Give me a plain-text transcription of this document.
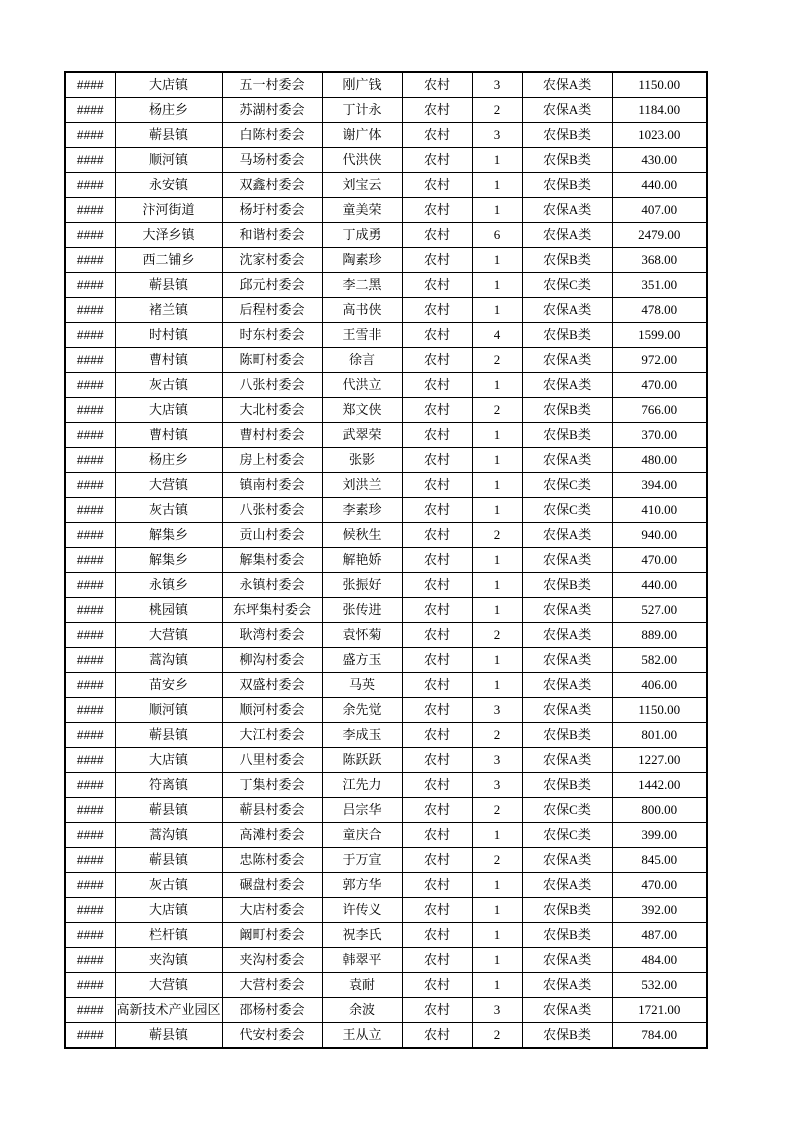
####	大店镇	五一村委会	刚广钱	农村	3	农保A类	1150.00
####	杨庄乡	苏湖村委会	丁计永	农村	2	农保A类	1184.00
####	蕲县镇	白陈村委会	谢广体	农村	3	农保B类	1023.00
####	顺河镇	马场村委会	代洪侠	农村	1	农保B类	430.00
####	永安镇	双鑫村委会	刘宝云	农村	1	农保B类	440.00
####	汴河街道	杨圩村委会	童美荣	农村	1	农保A类	407.00
####	大泽乡镇	和谐村委会	丁成勇	农村	6	农保A类	2479.00
####	西二铺乡	沈家村委会	陶素珍	农村	1	农保B类	368.00
####	蕲县镇	邱元村委会	李二黑	农村	1	农保C类	351.00
####	褚兰镇	后程村委会	高书侠	农村	1	农保A类	478.00
####	时村镇	时东村委会	王雪非	农村	4	农保B类	1599.00
####	曹村镇	陈町村委会	徐言	农村	2	农保A类	972.00
####	灰古镇	八张村委会	代洪立	农村	1	农保A类	470.00
####	大店镇	大北村委会	郑文侠	农村	2	农保B类	766.00
####	曹村镇	曹村村委会	武翠荣	农村	1	农保B类	370.00
####	杨庄乡	房上村委会	张影	农村	1	农保A类	480.00
####	大营镇	镇南村委会	刘洪兰	农村	1	农保C类	394.00
####	灰古镇	八张村委会	李素珍	农村	1	农保C类	410.00
####	解集乡	贡山村委会	候秋生	农村	2	农保A类	940.00
####	解集乡	解集村委会	解艳娇	农村	1	农保A类	470.00
####	永镇乡	永镇村委会	张振好	农村	1	农保B类	440.00
####	桃园镇	东坪集村委会	张传进	农村	1	农保A类	527.00
####	大营镇	耿湾村委会	袁怀菊	农村	2	农保A类	889.00
####	蒿沟镇	柳沟村委会	盛方玉	农村	1	农保A类	582.00
####	苗安乡	双盛村委会	马英	农村	1	农保A类	406.00
####	顺河镇	顺河村委会	余先觉	农村	3	农保A类	1150.00
####	蕲县镇	大江村委会	李成玉	农村	2	农保B类	801.00
####	大店镇	八里村委会	陈跃跃	农村	3	农保A类	1227.00
####	符离镇	丁集村委会	江先力	农村	3	农保B类	1442.00
####	蕲县镇	蕲县村委会	吕宗华	农村	2	农保C类	800.00
####	蒿沟镇	高滩村委会	童庆合	农村	1	农保C类	399.00
####	蕲县镇	忠陈村委会	于万宣	农村	2	农保A类	845.00
####	灰古镇	碾盘村委会	郭方华	农村	1	农保A类	470.00
####	大店镇	大店村委会	许传义	农村	1	农保B类	392.00
####	栏杆镇	阚町村委会	祝李氏	农村	1	农保B类	487.00
####	夹沟镇	夹沟村委会	韩翠平	农村	1	农保A类	484.00
####	大营镇	大营村委会	袁耐	农村	1	农保A类	532.00
####	高新技术产业园区	邵杨村委会	余波	农村	3	农保A类	1721.00
####	蕲县镇	代安村委会	王从立	农村	2	农保B类	784.00
